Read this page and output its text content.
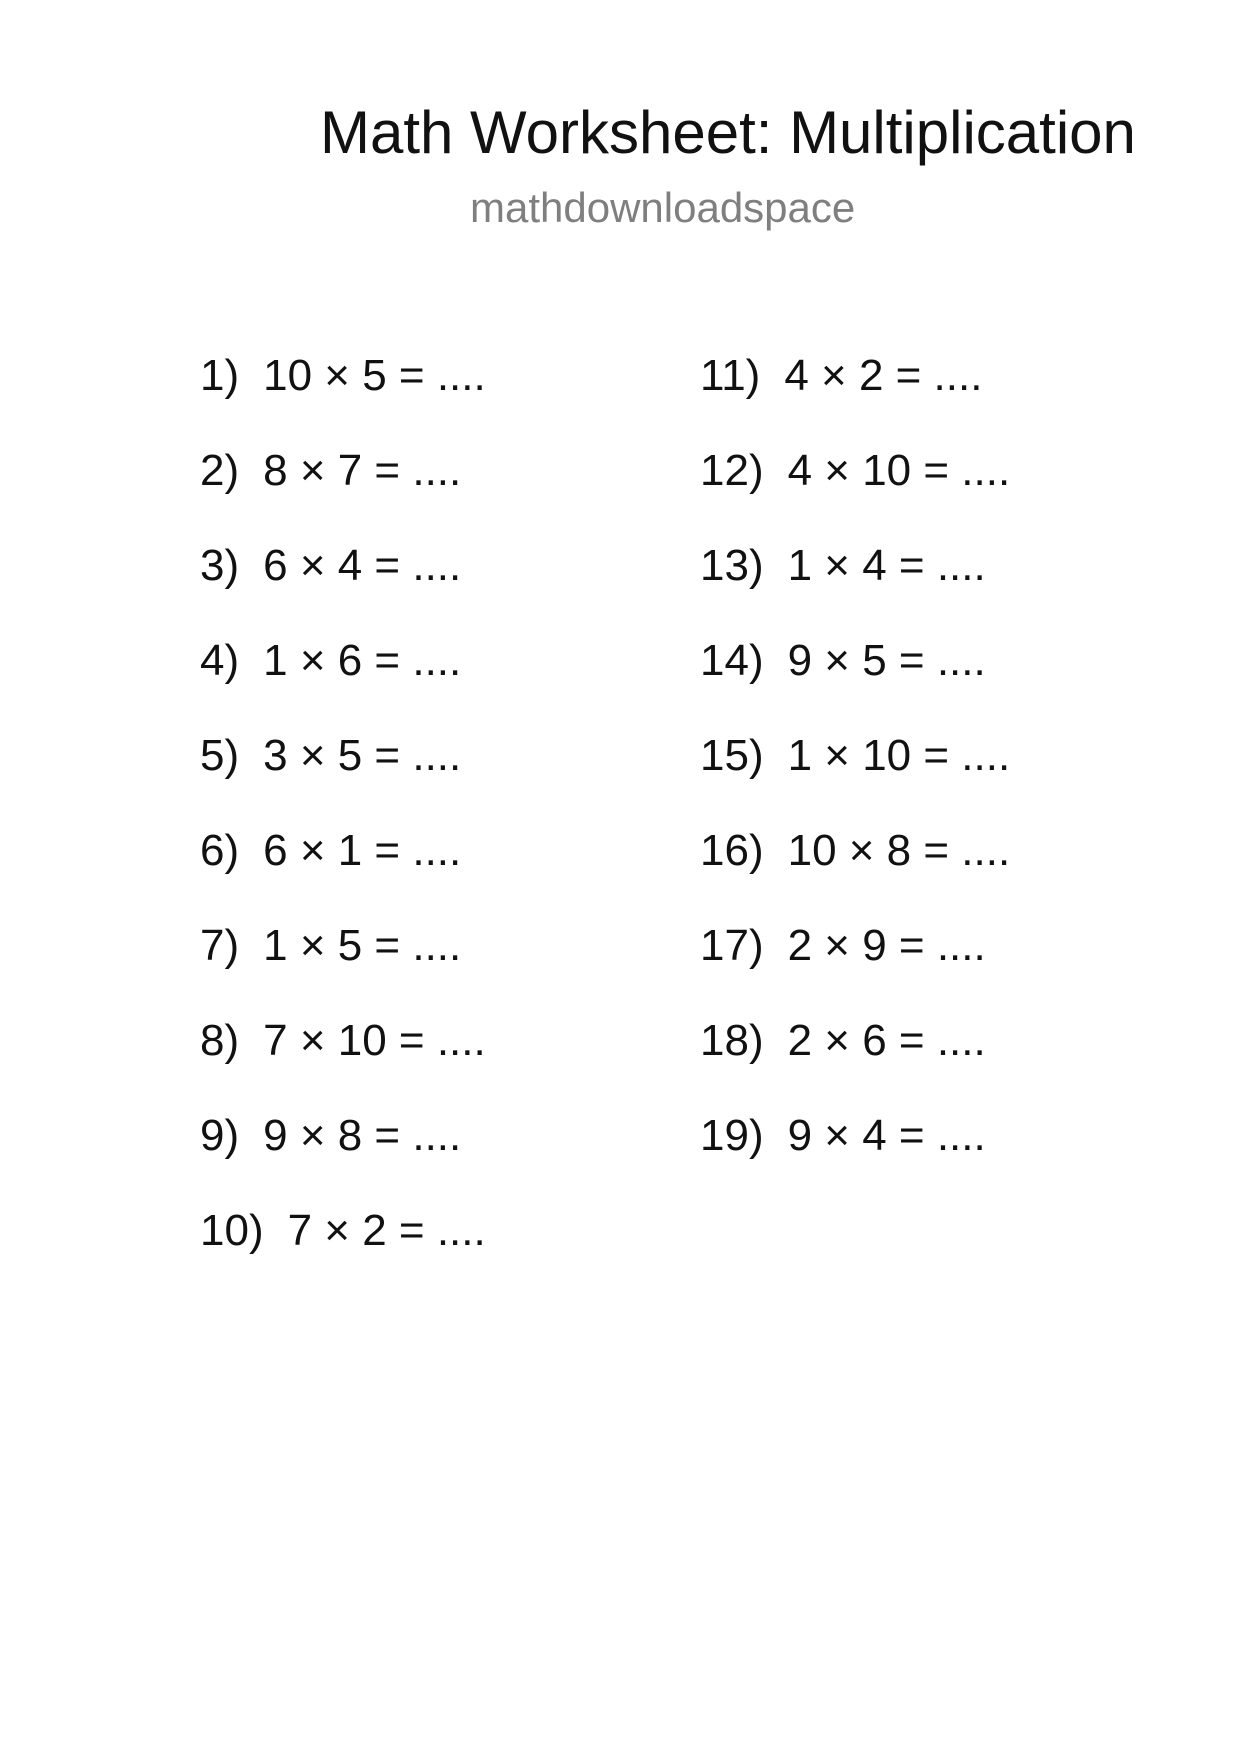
Math Worksheet: Multiplication
mathdownloadspace
1) 10 × 5 = ....
2) 8 × 7 = ....
3) 6 × 4 = ....
4) 1 × 6 = ....
5) 3 × 5 = ....
6) 6 × 1 = ....
7) 1 × 5 = ....
8) 7 × 10 = ....
9) 9 × 8 = ....
10) 7 × 2 = ....
11) 4 × 2 = ....
12) 4 × 10 = ....
13) 1 × 4 = ....
14) 9 × 5 = ....
15) 1 × 10 = ....
16) 10 × 8 = ....
17) 2 × 9 = ....
18) 2 × 6 = ....
19) 9 × 4 = ....
